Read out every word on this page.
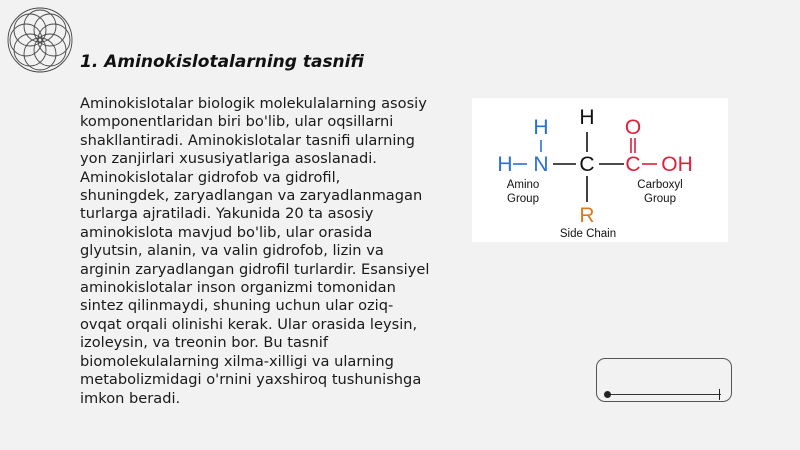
1. Aminokislotalarning tasnifi

Aminokislotalar biologik molekulalarning asosiy komponentlaridan biri bo'lib, ular oqsillarni shakllantiradi. Aminokislotalar tasnifi ularning yon zanjirlari xususiyatlariga asoslanadi. Aminokislotalar gidrofob va gidrofil, shuningdek, zaryadlangan va zaryadlanmagan turlarga ajratiladi. Yakunida 20 ta asosiy aminokislota mavjud bo'lib, ular orasida glyutsin, alanin, va valin gidrofob, lizin va arginin zaryadlangan gidrofil turlardir. Esansiyel aminokislotalar inson organizmi tomonidan sintez qilinmaydi, shuning uchun ular oziq-ovqat orqali olinishi kerak. Ular orasida leysin, izoleysin, va treonin bor. Bu tasnif biomolekulalarning xilma-xilligi va ularning metabolizmidagi o'rnini yaxshiroq tushunishga imkon beradi.

H
H N
H
C
R
C
O
OH
Amino
Group
Carboxyl
Group
Side Chain
